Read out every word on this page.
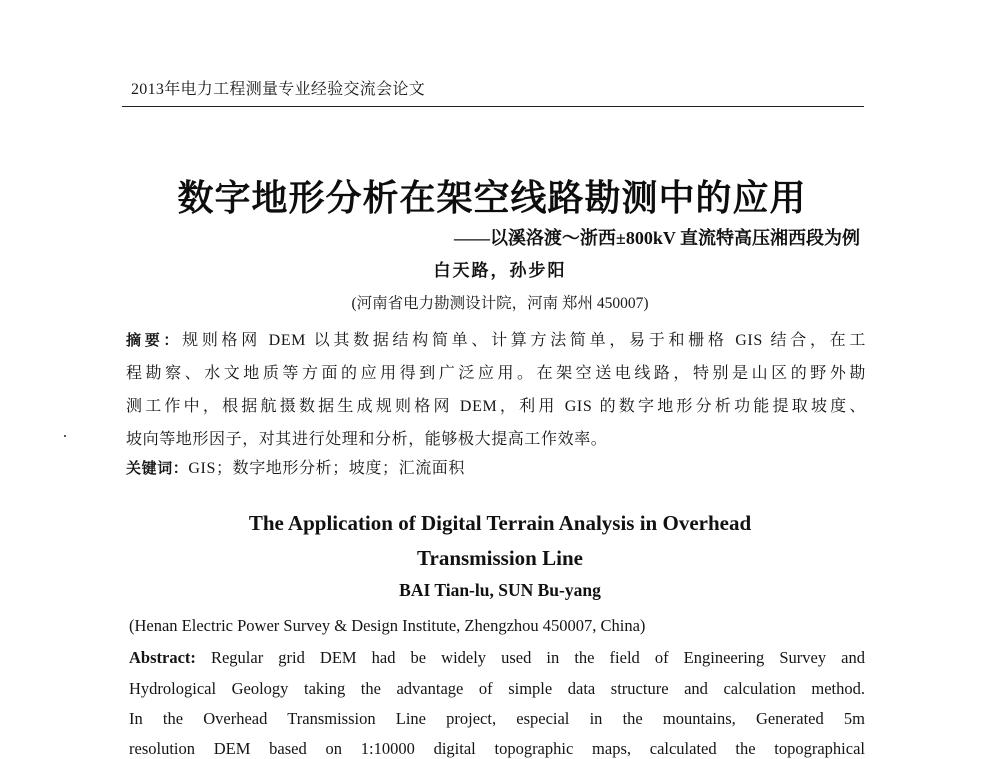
2013年电力工程测量专业经验交流会论文
数字地形分析在架空线路勘测中的应用
——以溪洛渡～浙西±800kV 直流特高压湘西段为例
白天路，孙步阳
(河南省电力勘测设计院，河南 郑州 450007)
摘要：规则格网 DEM 以其数据结构简单、计算方法简单，易于和栅格 GIS 结合，在工
程勘察、水文地质等方面的应用得到广泛应用。在架空送电线路，特别是山区的野外勘
测工作中，根据航摄数据生成规则格网 DEM，利用 GIS 的数字地形分析功能提取坡度、
坡向等地形因子，对其进行处理和分析，能够极大提高工作效率。
关键词：GIS；数字地形分析；坡度；汇流面积
The Application of Digital Terrain Analysis in Overhead
Transmission Line
BAI Tian-lu, SUN Bu-yang
(Henan Electric Power Survey & Design Institute, Zhengzhou 450007, China)
Abstract: Regular grid DEM had be widely used in the field of Engineering Survey and
Hydrological Geology taking the advantage of simple data structure and calculation method.
In the Overhead Transmission Line project, especial in the mountains, Generated 5m
resolution DEM based on 1:10000 digital topographic maps, calculated the topographical
